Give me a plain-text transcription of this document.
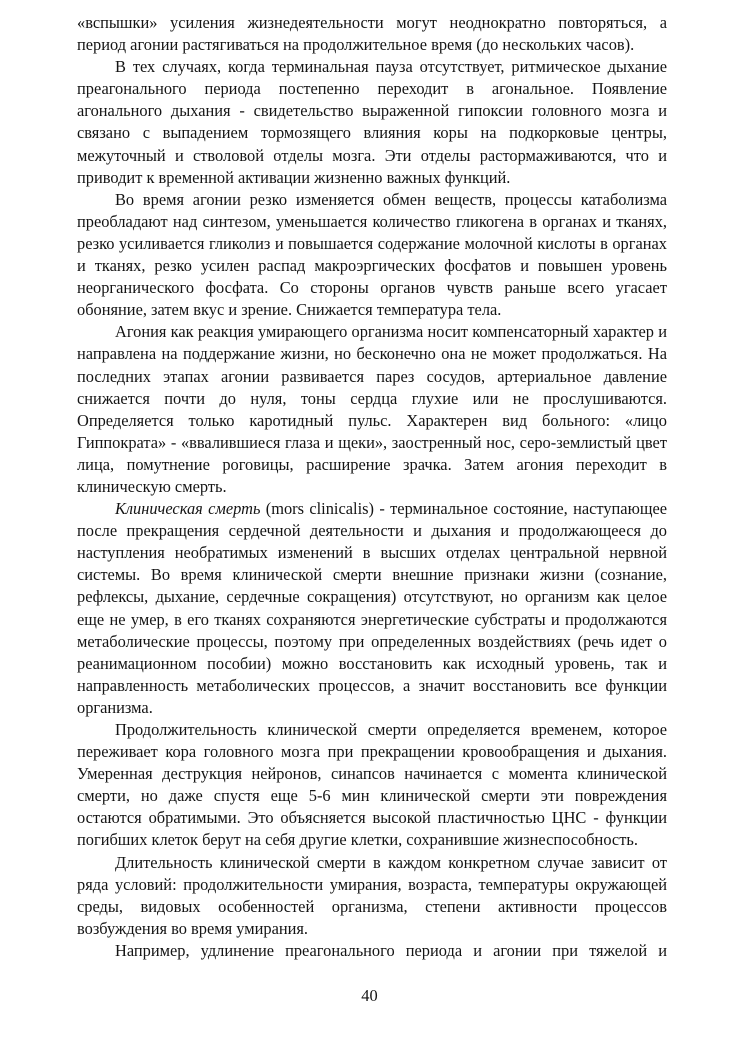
«вспышки» усиления жизнедеятельности могут неоднократно повторяться, а период агонии растягиваться на продолжительное время (до нескольких часов).

В тех случаях, когда терминальная пауза отсутствует, ритмическое дыхание преагонального периода постепенно переходит в агональное. Появление агонального дыхания - свидетельство выраженной гипоксии головного мозга и связано с выпадением тормозящего влияния коры на подкорковые центры, межуточный и стволовой отделы мозга. Эти отделы растормаживаются, что и приводит к временной активации жизненно важных функций.

Во время агонии резко изменяется обмен веществ, процессы катаболизма преобладают над синтезом, уменьшается количество гликогена в органах и тканях, резко усиливается гликолиз и повышается содержание молочной кислоты в органах и тканях, резко усилен распад макроэргических фосфатов и повышен уровень неорганического фосфата. Со стороны органов чувств раньше всего угасает обоняние, затем вкус и зрение. Снижается температура тела.

Агония как реакция умирающего организма носит компенсаторный характер и направлена на поддержание жизни, но бесконечно она не может продолжаться. На последних этапах агонии развивается парез сосудов, артериальное давление снижается почти до нуля, тоны сердца глухие или не прослушиваются. Определяется только каротидный пульс. Характерен вид больного: «лицо Гиппократа» - «ввалившиеся глаза и щеки», заостренный нос, серо-землистый цвет лица, помутнение роговицы, расширение зрачка. Затем агония переходит в клиническую смерть.

Клиническая смерть (mors clinicalis) - терминальное состояние, наступающее после прекращения сердечной деятельности и дыхания и продолжающееся до наступления необратимых изменений в высших отделах центральной нервной системы. Во время клинической смерти внешние признаки жизни (сознание, рефлексы, дыхание, сердечные сокращения) отсутствуют, но организм как целое еще не умер, в его тканях сохраняются энергетические субстраты и продолжаются метаболические процессы, поэтому при определенных воздействиях (речь идет о реанимационном пособии) можно восстановить как исходный уровень, так и направленность метаболических процессов, а значит восстановить все функции организма.

Продолжительность клинической смерти определяется временем, которое переживает кора головного мозга при прекращении кровообращения и дыхания. Умеренная деструкция нейронов, синапсов начинается с момента клинической смерти, но даже спустя еще 5-6 мин клинической смерти эти повреждения остаются обратимыми. Это объясняется высокой пластичностью ЦНС - функции погибших клеток берут на себя другие клетки, сохранившие жизнеспособность.

Длительность клинической смерти в каждом конкретном случае зависит от ряда условий: продолжительности умирания, возраста, температуры окружающей среды, видовых особенностей организма, степени активности процессов возбуждения во время умирания.

Например, удлинение преагонального периода и агонии при тяжелой и

40
